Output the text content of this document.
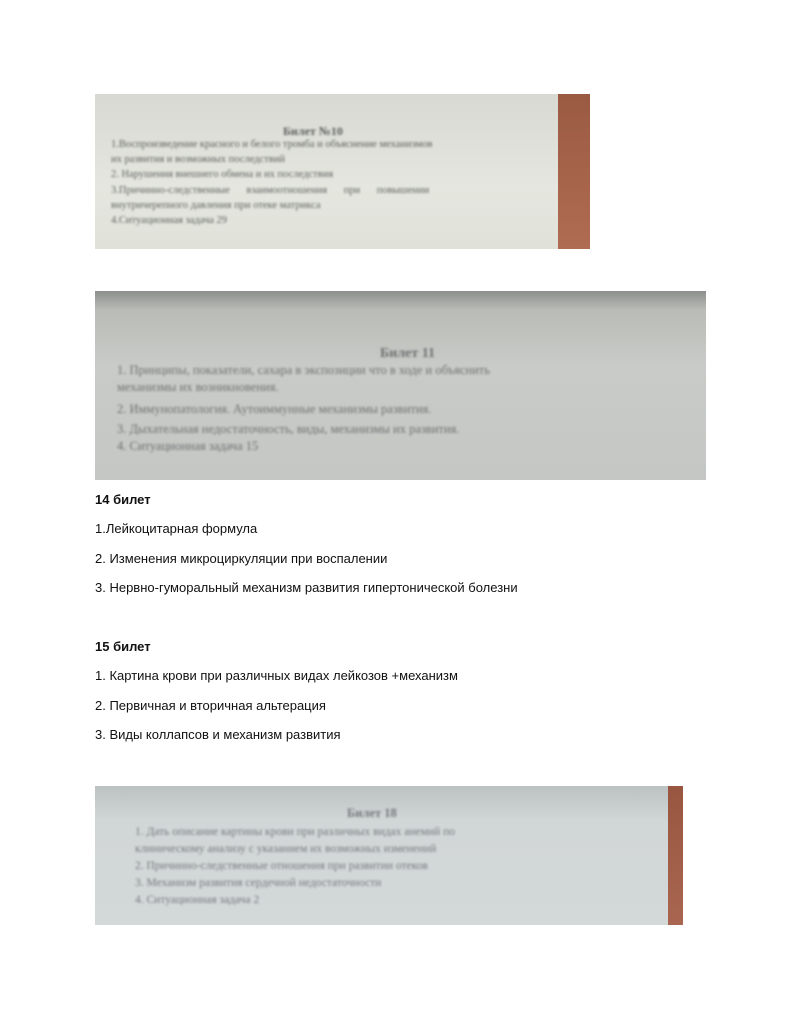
Билет №10
1.Воспроизведение красного и белого тромба и объяснение механизмов
их развития и возможных последствий
2. Нарушения внешнего обмена и их последствия
3.Причинно-следственные взаимоотношения при повышении
внутричерепного давления при отеке матрикса
4.Ситуационная задача 29
Билет 11
1. Принципы, показатели, сахара в экспозиции что в ходе и объяснить
механизмы их возникновения.
2. Иммунопатология. Аутоиммунные механизмы развития.
3. Дыхательная недостаточность, виды, механизмы их развития.
4. Ситуационная задача 15

14 билет

1.Лейкоцитарная формула

2. Изменения микроциркуляции при воспалении

3. Нервно-гуморальный механизм развития гипертонической болезни

15 билет

1. Картина крови при различных видах лейкозов +механизм

2. Первичная и вторичная альтерация

3. Виды коллапсов и механизм развития

Билет 18
1. Дать описание картины крови при различных видах анемий по
клиническому анализу с указанием их возможных изменений
2. Причинно-следственные отношения при развитии отеков
3. Механизм развития сердечной недостаточности
4. Ситуационная задача 2
